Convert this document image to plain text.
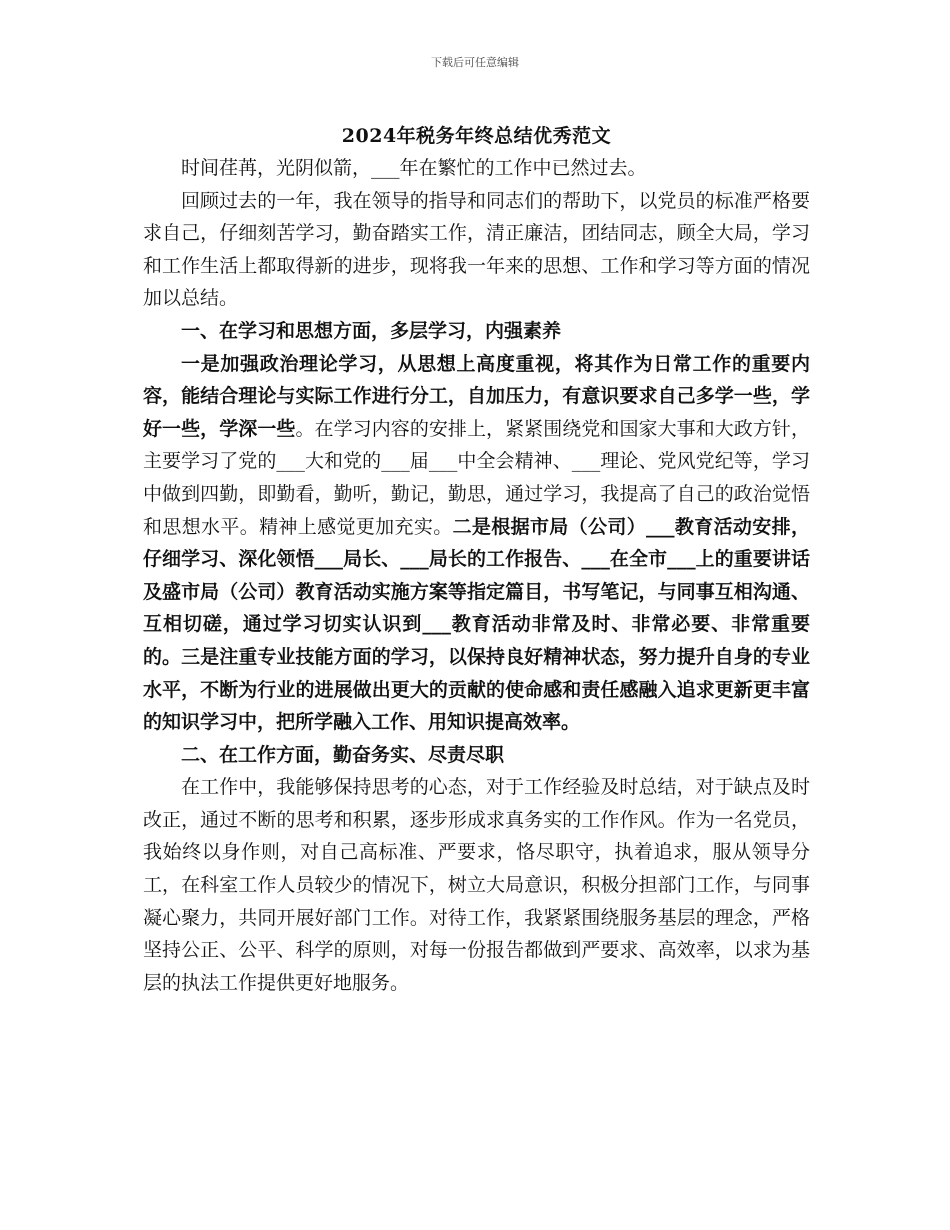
下载后可任意编辑
2024年税务年终总结优秀范文

时间荏苒，光阴似箭，___年在繁忙的工作中已然过去。

回顾过去的一年，我在领导的指导和同志们的帮助下，以党员的标准严格要求自己，仔细刻苦学习，勤奋踏实工作，清正廉洁，团结同志，顾全大局，学习和工作生活上都取得新的进步，现将我一年来的思想、工作和学习等方面的情况加以总结。

一、在学习和思想方面，多层学习，内强素养

一是加强政治理论学习，从思想上高度重视，将其作为日常工作的重要内容，能结合理论与实际工作进行分工，自加压力，有意识要求自己多学一些，学好一些，学深一些。在学习内容的安排上，紧紧围绕党和国家大事和大政方针，主要学习了党的___大和党的___届___中全会精神、___理论、党风党纪等，学习中做到四勤，即勤看，勤听，勤记，勤思，通过学习，我提高了自己的政治觉悟和思想水平。精神上感觉更加充实。二是根据市局（公司）___教育活动安排，仔细学习、深化领悟___局长、___局长的工作报告、___在全市___上的重要讲话及盛市局（公司）教育活动实施方案等指定篇目，书写笔记，与同事互相沟通、互相切磋，通过学习切实认识到___教育活动非常及时、非常必要、非常重要的。三是注重专业技能方面的学习，以保持良好精神状态，努力提升自身的专业水平，不断为行业的进展做出更大的贡献的使命感和责任感融入追求更新更丰富的知识学习中，把所学融入工作、用知识提高效率。

二、在工作方面，勤奋务实、尽责尽职

在工作中，我能够保持思考的心态，对于工作经验及时总结，对于缺点及时改正，通过不断的思考和积累，逐步形成求真务实的工作作风。作为一名党员，我始终以身作则，对自己高标准、严要求，恪尽职守，执着追求，服从领导分工，在科室工作人员较少的情况下，树立大局意识，积极分担部门工作，与同事凝心聚力，共同开展好部门工作。对待工作，我紧紧围绕服务基层的理念，严格坚持公正、公平、科学的原则，对每一份报告都做到严要求、高效率，以求为基层的执法工作提供更好地服务。
